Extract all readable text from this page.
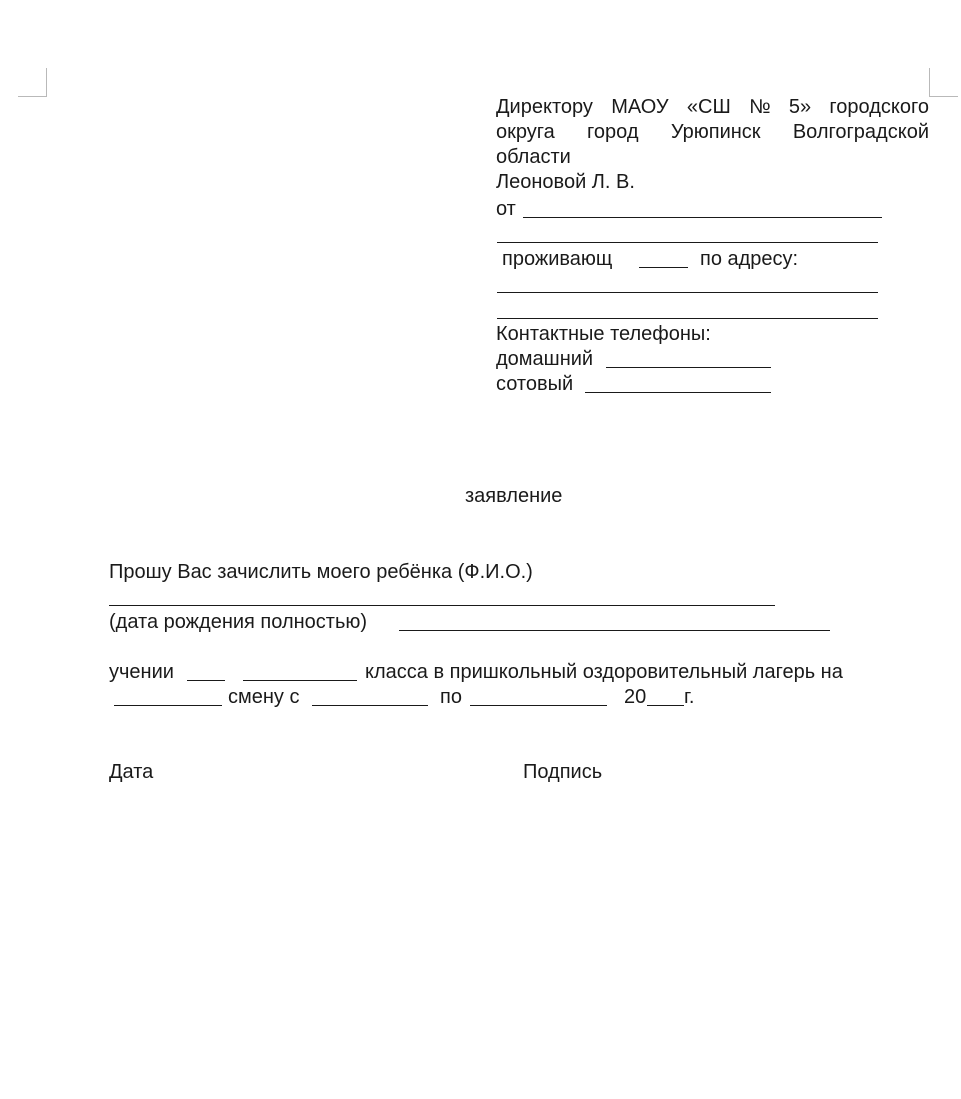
Директору МАОУ «СШ № 5» городского
округа город Урюпинск Волгоградской
области
Леоновой Л. В.
от
проживающ	по адресу:
Контактные телефоны:
домашний
сотовый
заявление
Прошу Вас зачислить моего ребёнка (Ф.И.О.)
(дата рождения полностью)
учении	класса в пришкольный оздоровительный лагерь на
смену с	по	20 г.
Дата	Подпись
